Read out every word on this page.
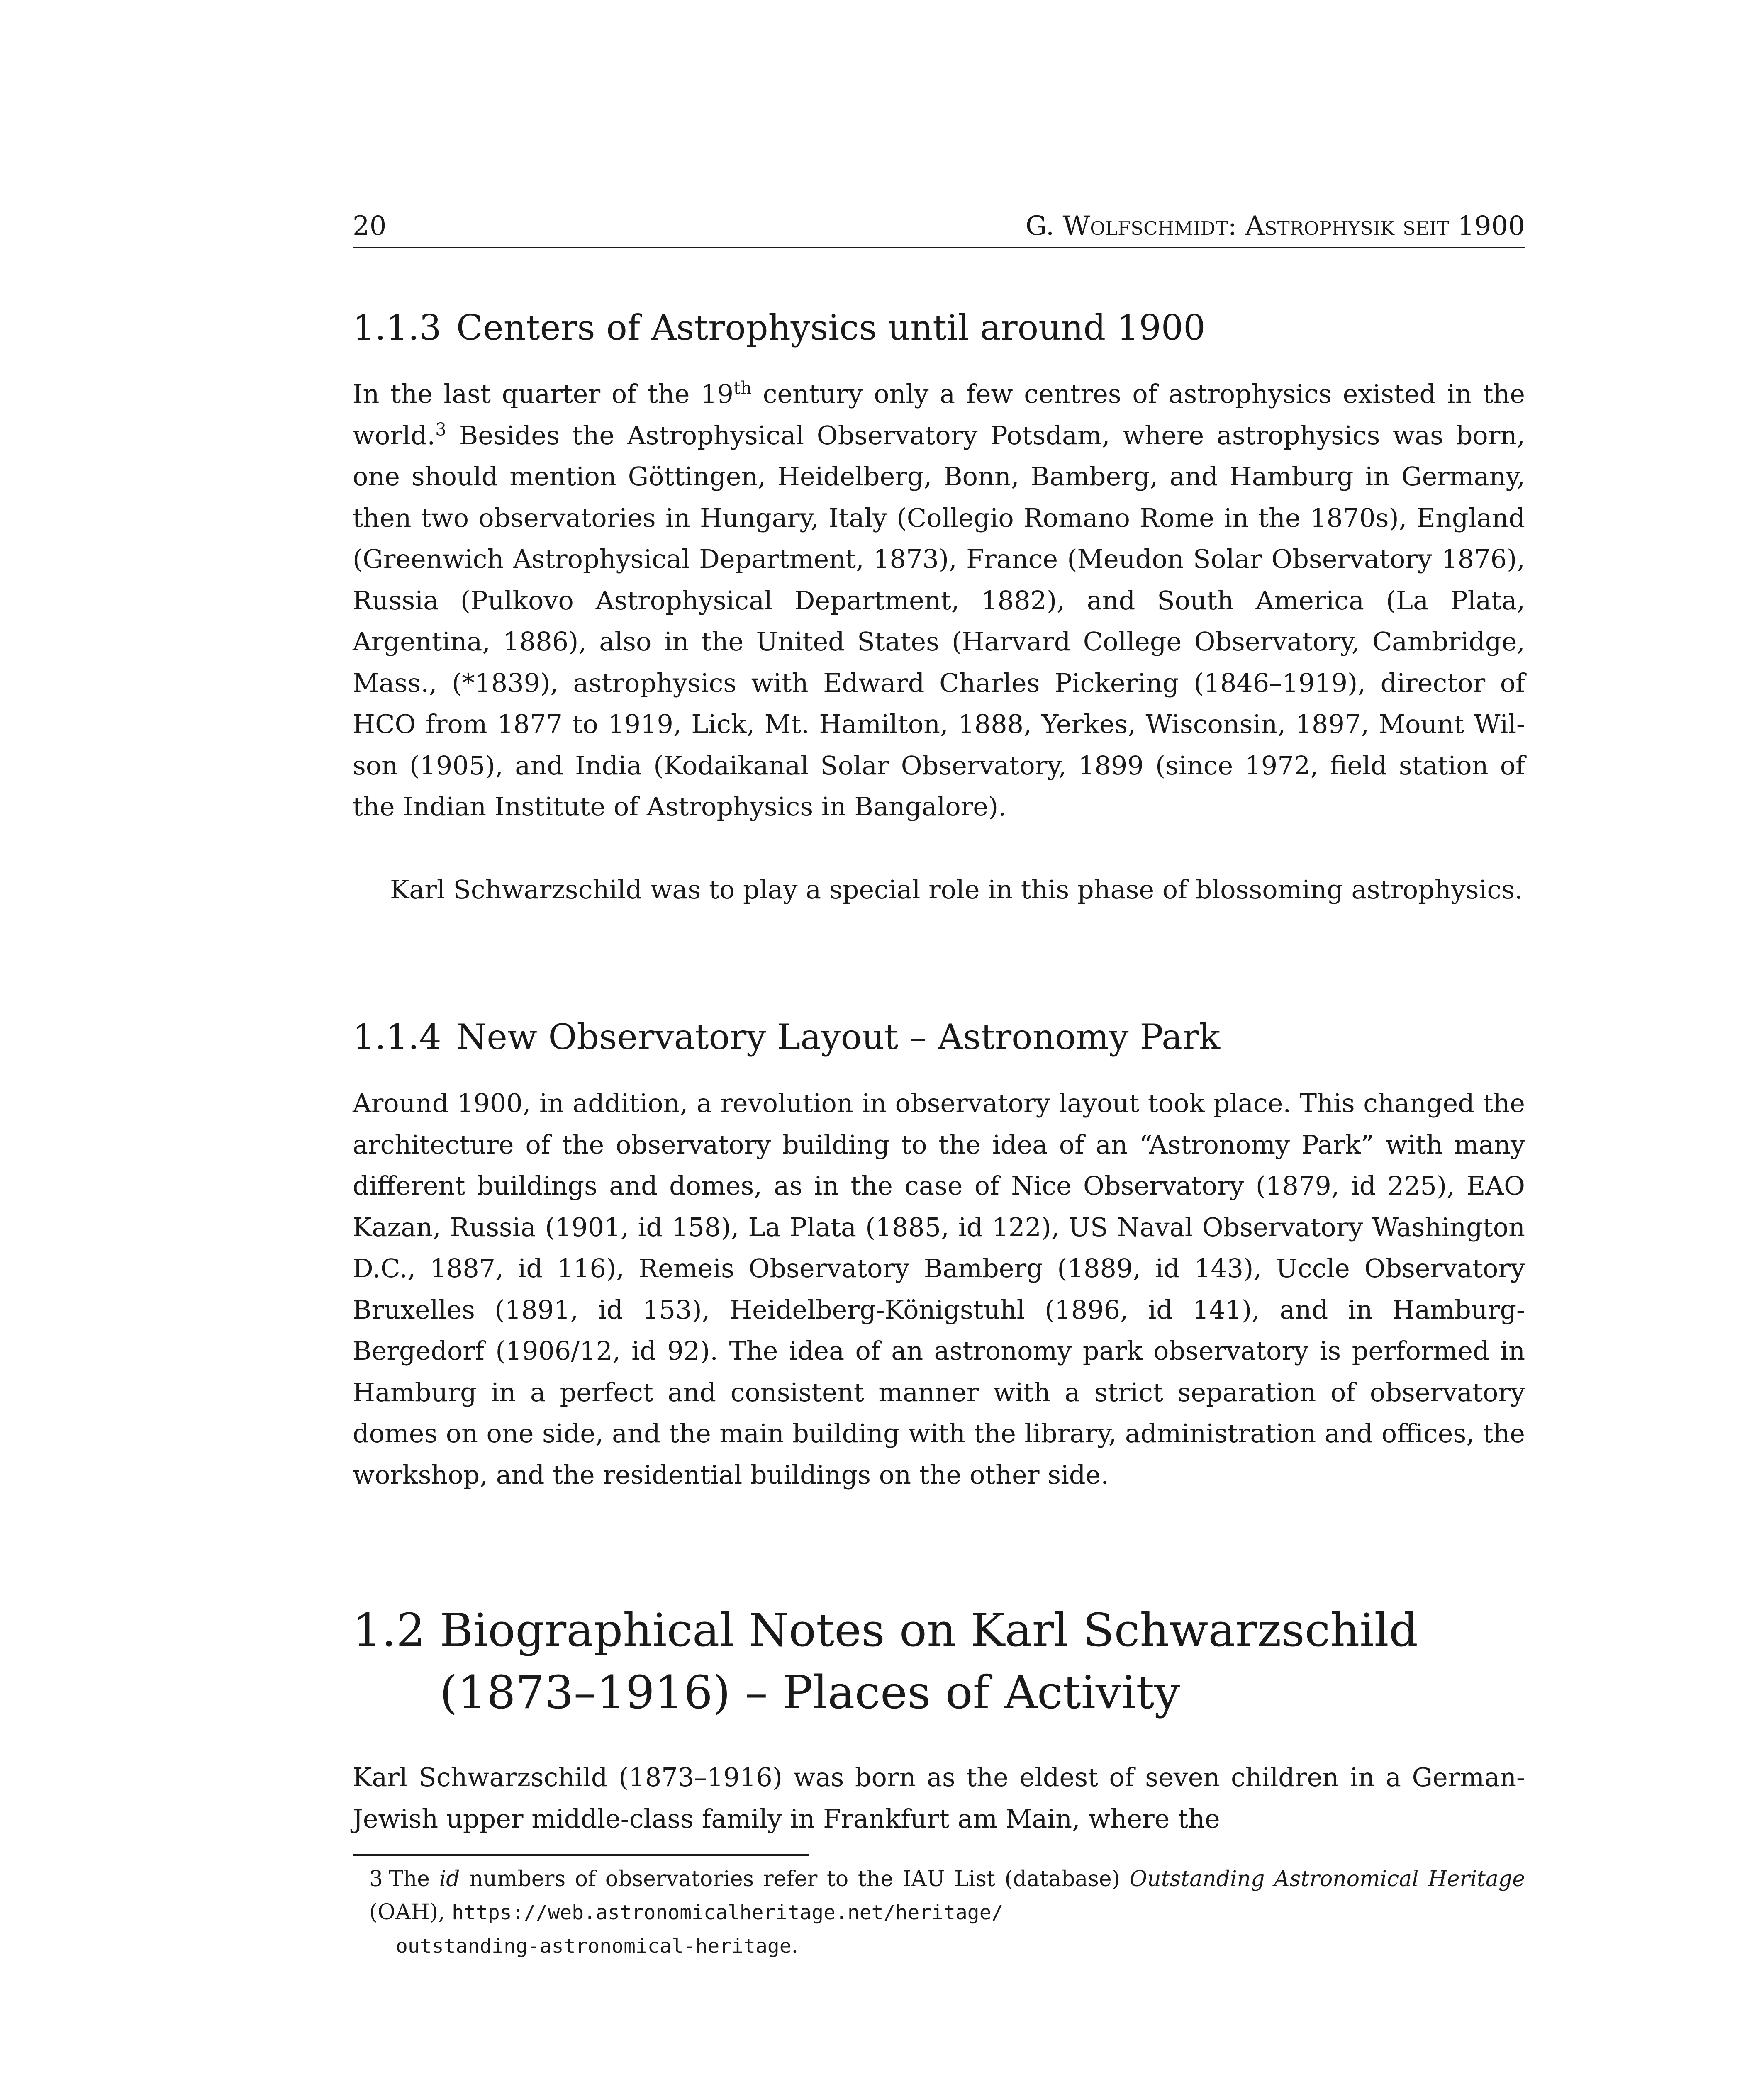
20	G. Wolfschmidt: Astrophysik seit 1900
1.1.3 Centers of Astrophysics until around 1900

In the last quarter of the 19th century only a few centres of astrophysics existed in the world.$^3$ Besides the Astrophysical Observatory Potsdam, where astrophysics was born, one should mention Göttingen, Heidelberg, Bonn, Bamberg, and Hamburg in Germany, then two observatories in Hungary, Italy (Collegio Romano Rome in the 1870s), England (Greenwich Astrophysical Department, 1873), France (Meudon Solar Observatory 1876), Russia (Pulkovo Astrophysical Department, 1882), and South America (La Plata, Argentina, 1886), also in the United States (Harvard College Observatory, Cambridge, Mass., (*1839), astrophysics with Edward Charles Pickering (1846–1919), director of HCO from 1877 to 1919, Lick, Mt. Hamilton, 1888, Yerkes, Wisconsin, 1897, Mount Wilson (1905), and India (Kodaikanal Solar Observatory, 1899 (since 1972, field station of the Indian Institute of Astrophysics in Bangalore).

Karl Schwarzschild was to play a special role in this phase of blossoming astrophysics.

1.1.4 New Observatory Layout – Astronomy Park

Around 1900, in addition, a revolution in observatory layout took place. This changed the architecture of the observatory building to the idea of an “Astronomy Park” with many different buildings and domes, as in the case of Nice Observatory (1879, id 225), EAO Kazan, Russia (1901, id 158), La Plata (1885, id 122), US Naval Observatory Washington D.C., 1887, id 116), Remeis Observatory Bamberg (1889, id 143), Uccle Observatory Bruxelles (1891, id 153), Heidelberg-Königstuhl (1896, id 141), and in Hamburg-Bergedorf (1906/12, id 92). The idea of an astronomy park observatory is performed in Hamburg in a perfect and consistent manner with a strict separation of observatory domes on one side, and the main building with the library, administration and offices, the workshop, and the residential buildings on the other side.

1.2 Biographical Notes on Karl Schwarzschild
(1873–1916) – Places of Activity

Karl Schwarzschild (1873–1916) was born as the eldest of seven children in a German-Jewish upper middle-class family in Frankfurt am Main, where the

3 The id numbers of observatories refer to the IAU List (database) Outstanding Astronomical Heritage (OAH), https://web.astronomicalheritage.net/heritage/
outstanding-astronomical-heritage.
